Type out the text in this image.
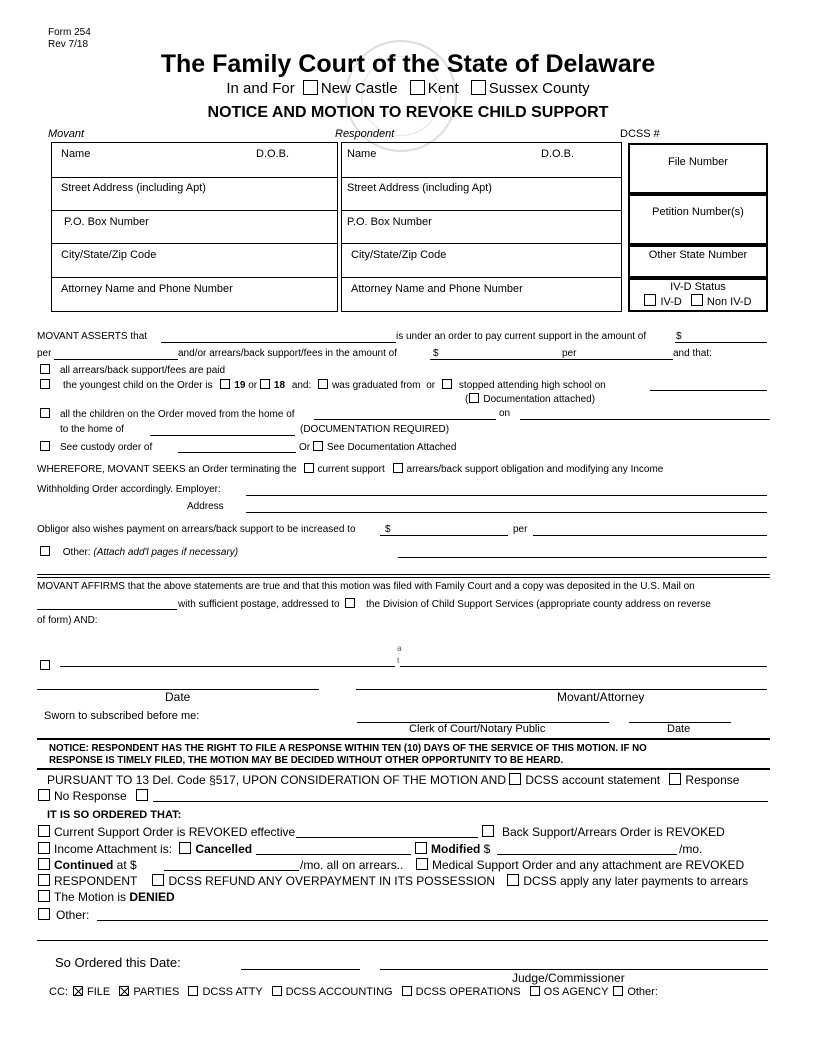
Form 254
Rev 7/18
The Family Court of the State of Delaware
In and For New Castle Kent Sussex County
NOTICE AND MOTION TO REVOKE CHILD SUPPORT
Movant	Respondent	DCSS #
Name	D.O.B.
Street Address (including Apt)
P.O. Box Number
City/State/Zip Code
Attorney Name and Phone Number
Name	D.O.B.
Street Address (including Apt)
P.O. Box Number
City/State/Zip Code
Attorney Name and Phone Number
File Number
Petition Number(s)
Other State Number
IV-D Status
IV-D Non IV-D
MOVANT ASSERTS that	is under an order to pay current support in the amount of	$
per	and/or arrears/back support/fees in the amount of	$	per	and that:
all arrears/back support/fees are paid
the youngest child on the Order is 19 or 18 and: was graduated from or stopped attending high school on
( Documentation attached)
all the children on the Order moved from the home of	on
to the home of	(DOCUMENTATION REQUIRED)
See custody order of	Or See Documentation Attached
WHEREFORE, MOVANT SEEKS an Order terminating the current support arrears/back support obligation and modifying any Income
Withholding Order accordingly. Employer:
Address
Obligor also wishes payment on arrears/back support to be increased to	$	per
Other: (Attach add'l pages if necessary)
MOVANT AFFIRMS that the above statements are true and that this motion was filed with Family Court and a copy was deposited in the U.S. Mail on
with sufficient postage, addressed to	the Division of Child Support Services (appropriate county address on reverse
of form) AND:
a
t
Date	Movant/Attorney
Sworn to subscribed before me:
Clerk of Court/Notary Public	Date
NOTICE: RESPONDENT HAS THE RIGHT TO FILE A RESPONSE WITHIN TEN (10) DAYS OF THE SERVICE OF THIS MOTION. IF NO
RESPONSE IS TIMELY FILED, THE MOTION MAY BE DECIDED WITHOUT OTHER OPPORTUNITY TO BE HEARD.
PURSUANT TO 13 Del. Code §517, UPON CONSIDERATION OF THE MOTION AND DCSS account statement Response
No Response
IT IS SO ORDERED THAT:
Current Support Order is REVOKED effective	Back Support/Arrears Order is REVOKED
Income Attachment is: Cancelled	Modified $	/mo.
Continued at $	/mo. all on arrears..	Medical Support Order and any attachment are REVOKED
RESPONDENT	DCSS REFUND ANY OVERPAYMENT IN ITS POSSESSION DCSS apply any later payments to arrears
The Motion is DENIED
Other:
So Ordered this Date:
Judge/Commissioner
CC: FILE PARTIES DCSS ATTY DCSS ACCOUNTING DCSS OPERATIONS OS AGENCY Other:
